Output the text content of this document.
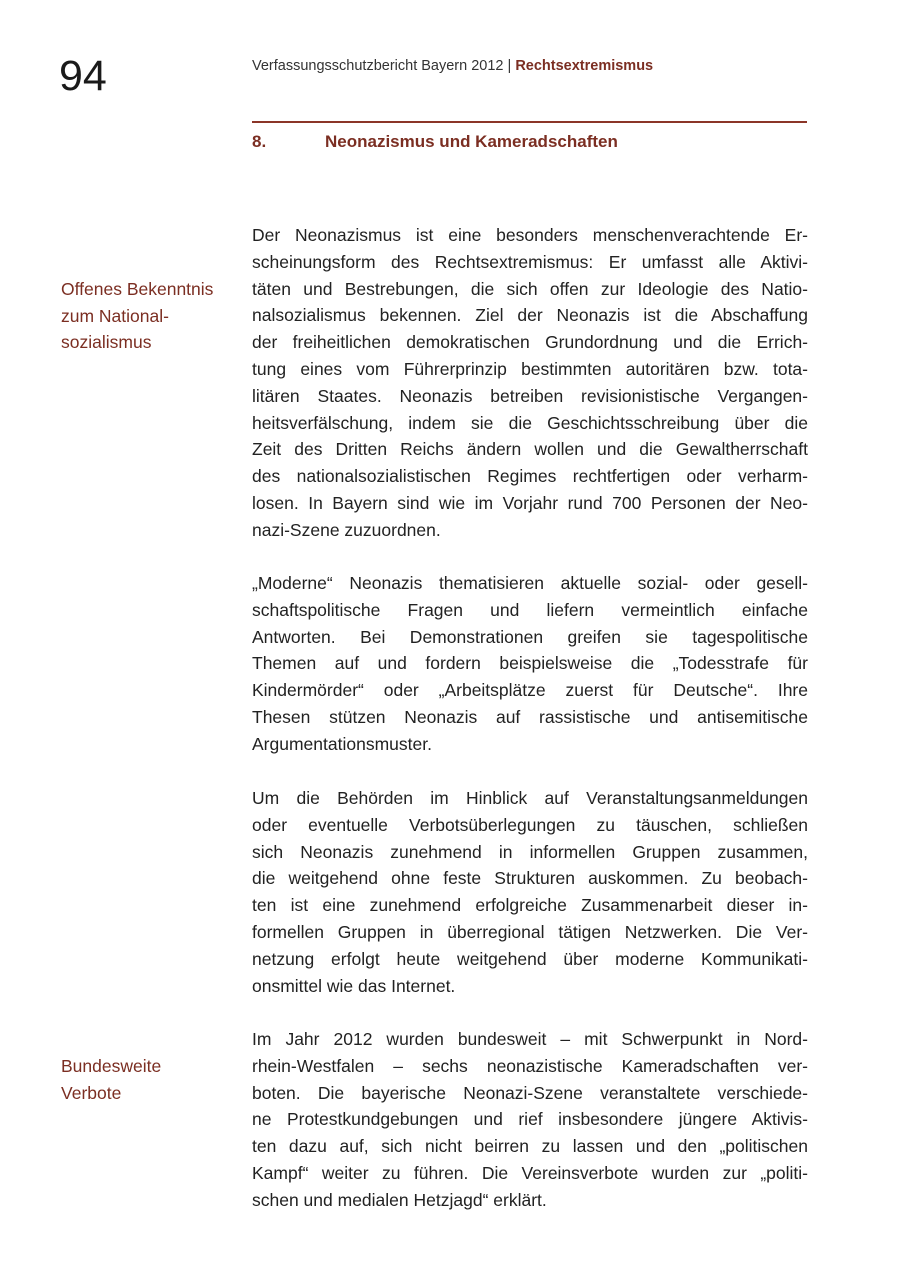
94	Verfassungsschutzbericht Bayern 2012 | Rechtsextremismus
8.	Neonazismus und Kameradschaften
Offenes Bekenntnis
zum National-
sozialismus
Bundesweite
Verbote
Der Neonazismus ist eine besonders menschenverachtende Er-
scheinungsform des Rechtsextremismus: Er umfasst alle Aktivi-
täten und Bestrebungen, die sich offen zur Ideologie des Natio-
nalsozialismus bekennen. Ziel der Neonazis ist die Abschaffung
der freiheitlichen demokratischen Grundordnung und die Errich-
tung eines vom Führerprinzip bestimmten autoritären bzw. tota-
litären Staates. Neonazis betreiben revisionistische Vergangen-
heitsverfälschung, indem sie die Geschichtsschreibung über die
Zeit des Dritten Reichs ändern wollen und die Gewaltherrschaft
des nationalsozialistischen Regimes rechtfertigen oder verharm-
losen. In Bayern sind wie im Vorjahr rund 700 Personen der Neo-
nazi-Szene zuzuordnen.
„Moderne“ Neonazis thematisieren aktuelle sozial- oder gesell-
schaftspolitische Fragen und liefern vermeintlich einfache
Antworten. Bei Demonstrationen greifen sie tagespolitische
Themen auf und fordern beispielsweise die „Todesstrafe für
Kindermörder“ oder „Arbeitsplätze zuerst für Deutsche“. Ihre
Thesen stützen Neonazis auf rassistische und antisemitische
Argumentationsmuster.
Um die Behörden im Hinblick auf Veranstaltungsanmeldungen
oder eventuelle Verbotsüberlegungen zu täuschen, schließen
sich Neonazis zunehmend in informellen Gruppen zusammen,
die weitgehend ohne feste Strukturen auskommen. Zu beobach-
ten ist eine zunehmend erfolgreiche Zusammenarbeit dieser in-
formellen Gruppen in überregional tätigen Netzwerken. Die Ver-
netzung erfolgt heute weitgehend über moderne Kommunikati-
onsmittel wie das Internet.
Im Jahr 2012 wurden bundesweit – mit Schwerpunkt in Nord-
rhein-Westfalen – sechs neonazistische Kameradschaften ver-
boten. Die bayerische Neonazi-Szene veranstaltete verschiede-
ne Protestkundgebungen und rief insbesondere jüngere Aktivis-
ten dazu auf, sich nicht beirren zu lassen und den „politischen
Kampf“ weiter zu führen. Die Vereinsverbote wurden zur „politi-
schen und medialen Hetzjagd“ erklärt.
